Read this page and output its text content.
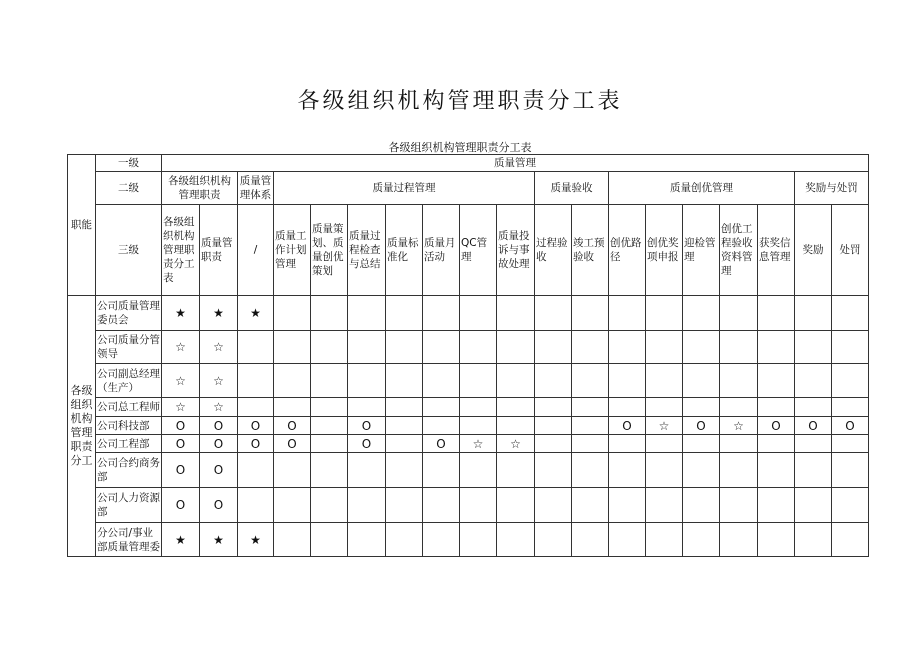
各级组织机构管理职责分工表
各级组织机构管理职责分工表
职能	一级	质量管理																		
	二级	各级组织机构管理职责		质量管理体系	质量过程管理							质量验收		质量创优管理					奖励与处罚	
	三级	各级组织机构管理职责分工表	质量管职责	/	质量工作计划管理	质量策划、质量创优策划	质量过程检查与总结	质量标准化	质量月活动	QC管理	质量投诉与事故处理	过程验收	竣工预验收	创优路径	创优奖项申报	迎检管理	创优工程验收资料管理	获奖信息管理	奖励	处罚
各级组织机构管理职责分工	公司质量管理委员会	★	★	★																
	公司质量分管领导	☆	☆																	
	公司副总经理（生产）	☆	☆																	
	公司总工程师	☆	☆																	
	公司科技部	O	O	O	O		O							O	☆	O	☆	O	O	O
	公司工程部	O	O	O	O		O		O	☆	☆									
	公司合约商务部	O	O																	
	公司人力资源部	O	O																	
	分公司/事业部质量管理委	★	★	★																
